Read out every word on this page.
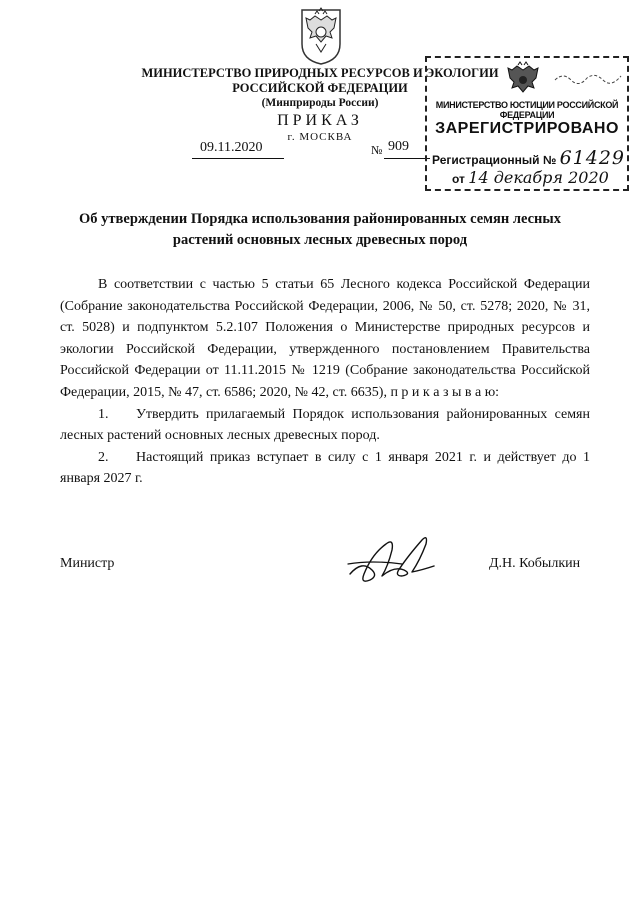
МИНИСТЕРСТВО ПРИРОДНЫХ РЕСУРСОВ И ЭКОЛОГИИ
РОССИЙСКОЙ ФЕДЕРАЦИИ
(Минприроды России)
ПРИКАЗ
г. МОСКВА
09.11.2020	№ 909
МИНИСТЕРСТВО ЮСТИЦИИ РОССИЙСКОЙ ФЕДЕРАЦИИ
ЗАРЕГИСТРИРОВАНО
Регистрационный № 61429
от 14 декабря 2020
Об утверждении Порядка использования районированных семян лесных
растений основных лесных древесных пород

В соответствии с частью 5 статьи 65 Лесного кодекса Российской Федерации (Собрание законодательства Российской Федерации, 2006, № 50, ст. 5278; 2020, № 31, ст. 5028) и подпунктом 5.2.107 Положения о Министерстве природных ресурсов и экологии Российской Федерации, утвержденного постановлением Правительства Российской Федерации от 11.11.2015 № 1219 (Собрание законодательства Российской Федерации, 2015, № 47, ст. 6586; 2020, № 42, ст. 6635), п р и к а з ы в а ю:

1. Утвердить прилагаемый Порядок использования районированных семян лесных растений основных лесных древесных пород.

2. Настоящий приказ вступает в силу с 1 января 2021 г. и действует до 1 января 2027 г.

Министр	Д.Н. Кобылкин
